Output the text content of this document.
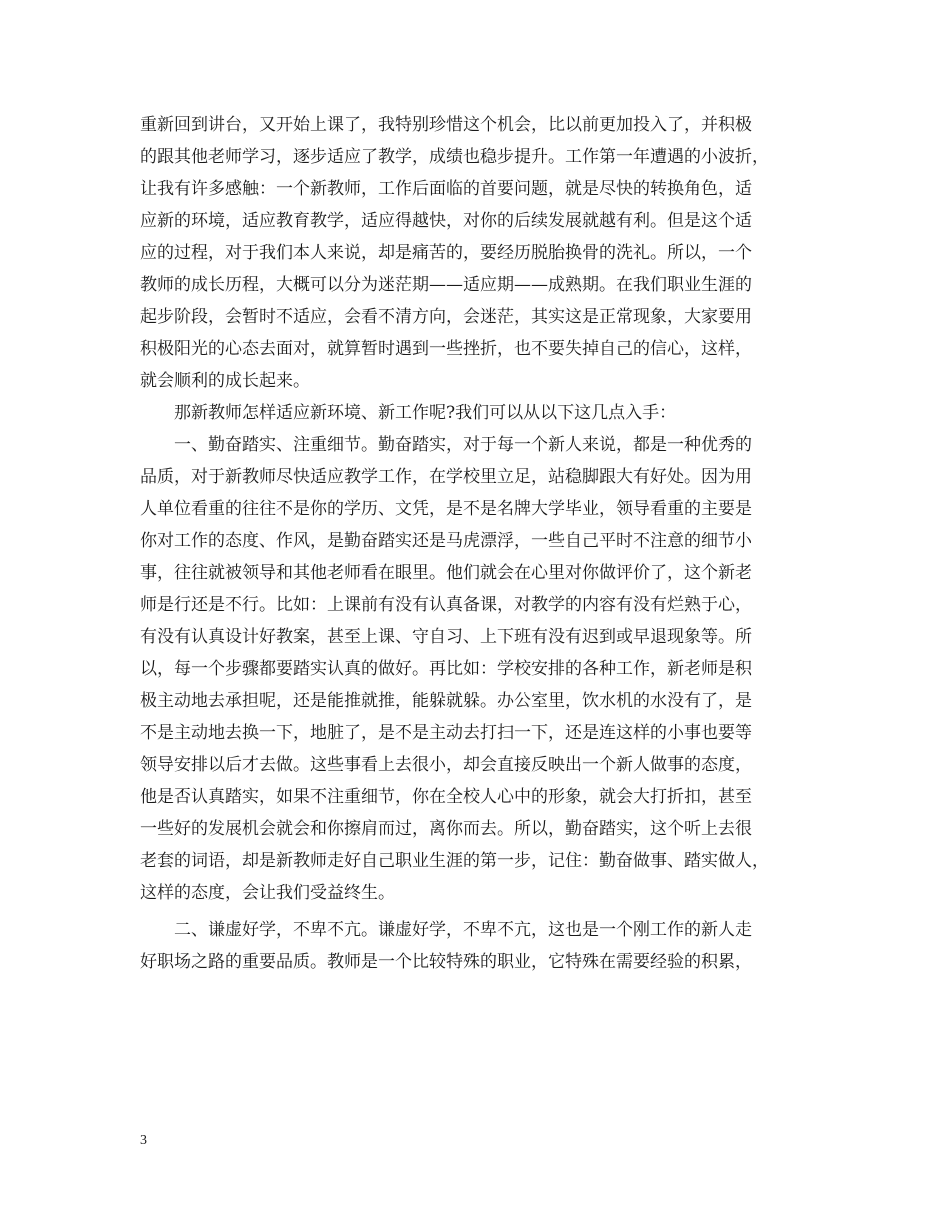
重新回到讲台，又开始上课了，我特别珍惜这个机会，比以前更加投入了，并积极
的跟其他老师学习，逐步适应了教学，成绩也稳步提升。工作第一年遭遇的小波折，
让我有许多感触：一个新教师，工作后面临的首要问题，就是尽快的转换角色，适
应新的环境，适应教育教学，适应得越快，对你的后续发展就越有利。但是这个适
应的过程，对于我们本人来说，却是痛苦的，要经历脱胎换骨的洗礼。所以，一个
教师的成长历程，大概可以分为迷茫期——适应期——成熟期。在我们职业生涯的
起步阶段，会暂时不适应，会看不清方向，会迷茫，其实这是正常现象，大家要用
积极阳光的心态去面对，就算暂时遇到一些挫折，也不要失掉自己的信心，这样，
就会顺利的成长起来。
那新教师怎样适应新环境、新工作呢?我们可以从以下这几点入手：
一、勤奋踏实、注重细节。勤奋踏实，对于每一个新人来说，都是一种优秀的
品质，对于新教师尽快适应教学工作，在学校里立足，站稳脚跟大有好处。因为用
人单位看重的往往不是你的学历、文凭，是不是名牌大学毕业，领导看重的主要是
你对工作的态度、作风，是勤奋踏实还是马虎漂浮，一些自己平时不注意的细节小
事，往往就被领导和其他老师看在眼里。他们就会在心里对你做评价了，这个新老
师是行还是不行。比如：上课前有没有认真备课，对教学的内容有没有烂熟于心，
有没有认真设计好教案，甚至上课、守自习、上下班有没有迟到或早退现象等。所
以，每一个步骤都要踏实认真的做好。再比如：学校安排的各种工作，新老师是积
极主动地去承担呢，还是能推就推，能躲就躲。办公室里，饮水机的水没有了，是
不是主动地去换一下，地脏了，是不是主动去打扫一下，还是连这样的小事也要等
领导安排以后才去做。这些事看上去很小，却会直接反映出一个新人做事的态度，
他是否认真踏实，如果不注重细节，你在全校人心中的形象，就会大打折扣，甚至
一些好的发展机会就会和你擦肩而过，离你而去。所以，勤奋踏实，这个听上去很
老套的词语，却是新教师走好自己职业生涯的第一步，记住：勤奋做事、踏实做人，
这样的态度，会让我们受益终生。
二、谦虚好学，不卑不亢。谦虚好学，不卑不亢，这也是一个刚工作的新人走
好职场之路的重要品质。教师是一个比较特殊的职业，它特殊在需要经验的积累，
3
